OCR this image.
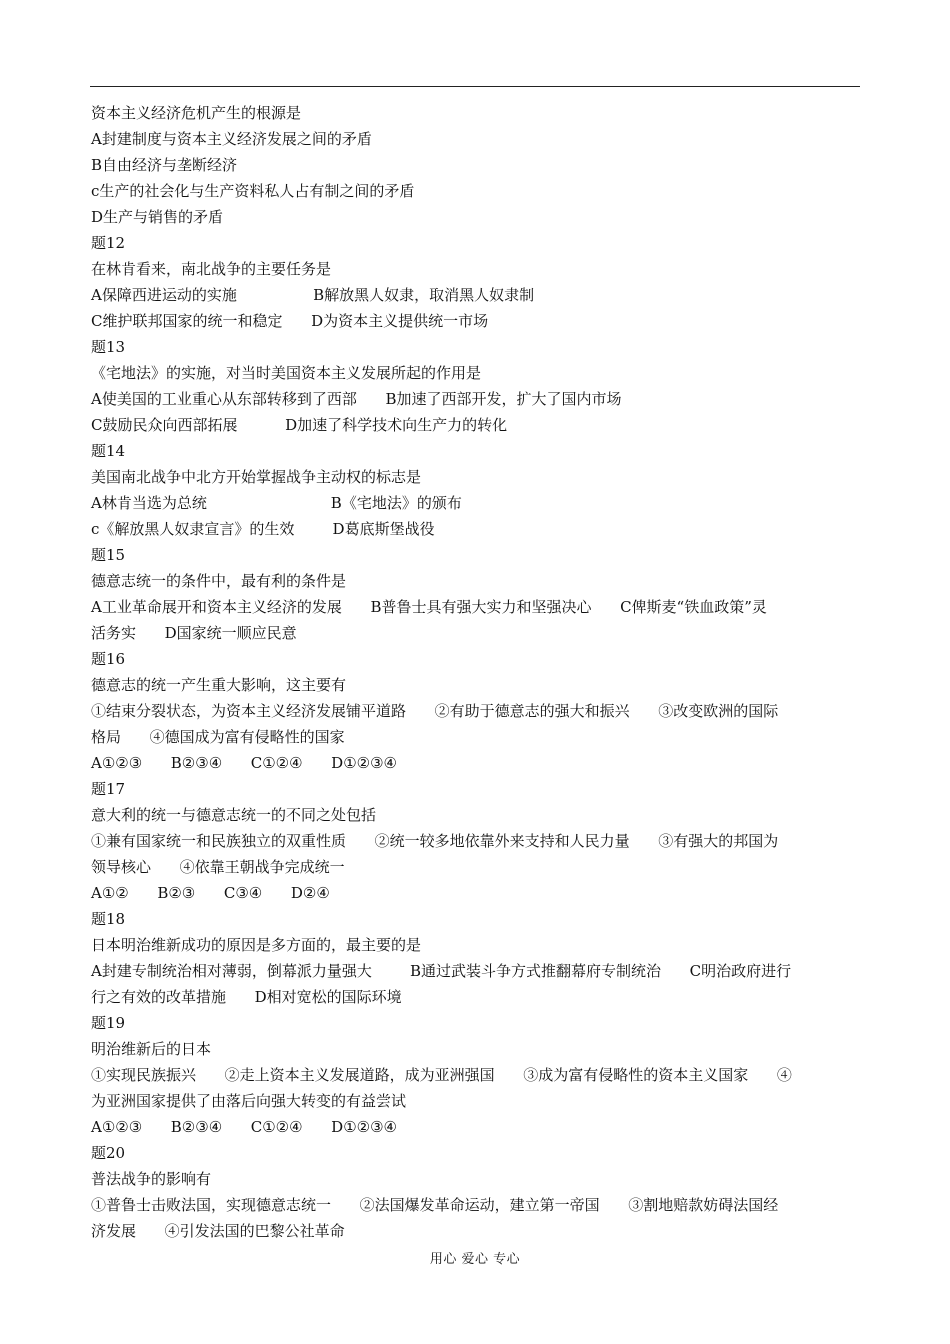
资本主义经济危机产生的根源是
A封建制度与资本主义经济发展之间的矛盾
B自由经济与垄断经济
c生产的社会化与生产资料私人占有制之间的矛盾
D生产与销售的矛盾
题12
在林肯看来，南北战争的主要任务是
A保障西进运动的实施                B解放黑人奴隶，取消黑人奴隶制
C维护联邦国家的统一和稳定      D为资本主义提供统一市场
题13
《宅地法》的实施，对当时美国资本主义发展所起的作用是
A使美国的工业重心从东部转移到了西部      B加速了西部开发，扩大了国内市场
C鼓励民众向西部拓展          D加速了科学技术向生产力的转化
题14
美国南北战争中北方开始掌握战争主动权的标志是
A林肯当选为总统                          B《宅地法》的颁布
c《解放黑人奴隶宣言》的生效        D葛底斯堡战役
题15
德意志统一的条件中，最有利的条件是
A工业革命展开和资本主义经济的发展      B普鲁士具有强大实力和坚强决心      C俾斯麦“铁血政策”灵
活务实      D国家统一顺应民意
题16
德意志的统一产生重大影响，这主要有
①结束分裂状态，为资本主义经济发展铺平道路      ②有助于德意志的强大和振兴      ③改变欧洲的国际
格局      ④德国成为富有侵略性的国家
A①②③      B②③④      C①②④      D①②③④
题17
意大利的统一与德意志统一的不同之处包括
①兼有国家统一和民族独立的双重性质      ②统一较多地依靠外来支持和人民力量      ③有强大的邦国为
领导核心      ④依靠王朝战争完成统一
A①②      B②③      C③④      D②④
题18
日本明治维新成功的原因是多方面的，最主要的是
A封建专制统治相对薄弱，倒幕派力量强大        B通过武装斗争方式推翻幕府专制统治      C明治政府进行
行之有效的改革措施      D相对宽松的国际环境
题19
明治维新后的日本
①实现民族振兴      ②走上资本主义发展道路，成为亚洲强国      ③成为富有侵略性的资本主义国家      ④
为亚洲国家提供了由落后向强大转变的有益尝试
A①②③      B②③④      C①②④      D①②③④
题20
普法战争的影响有
①普鲁士击败法国，实现德意志统一      ②法国爆发革命运动，建立第一帝国      ③割地赔款妨碍法国经
济发展      ④引发法国的巴黎公社革命
用心 爱心 专心
